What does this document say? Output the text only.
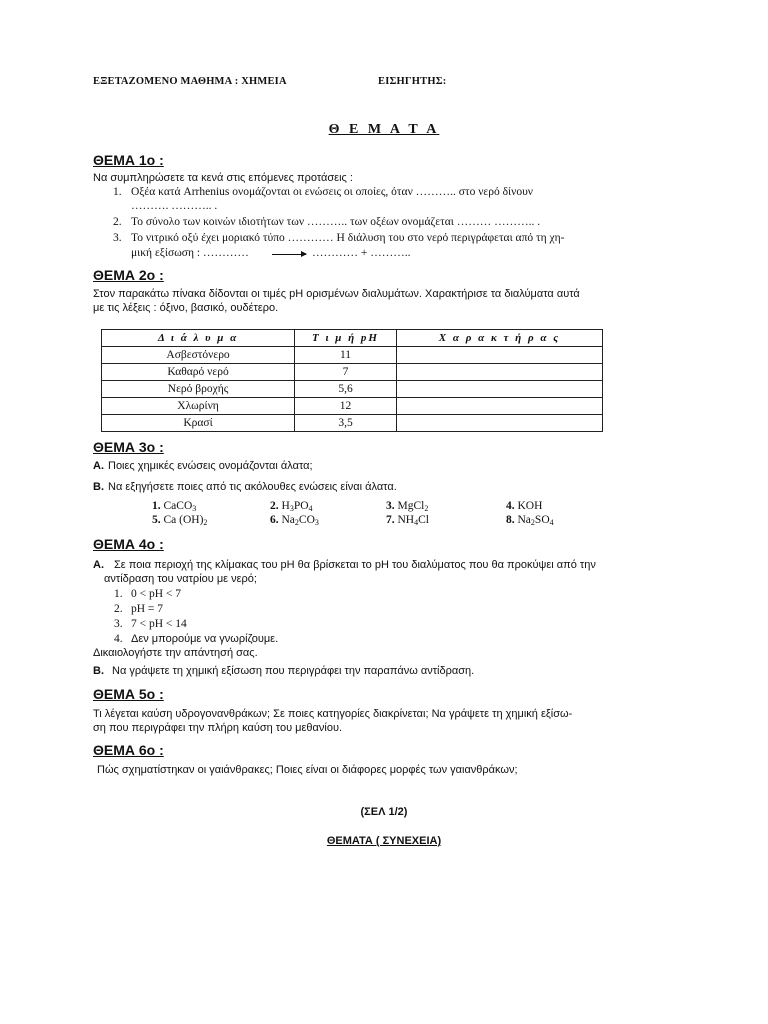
ΕΞΕΤΑΖΟΜΕΝΟ ΜΑΘΗΜΑ : ΧΗΜΕΙΑ	ΕΙΣΗΓΗΤΗΣ:
Θ Ε Μ Α Τ Α
ΘΕΜΑ 1ο :
Να συμπληρώσετε τα κενά στις επόμενες προτάσεις :
1. Οξέα κατά Arrhenius ονομάζονται οι ενώσεις οι οποίες, όταν ……….. στο νερό δίνουν
………. ……….. .
2. Το σύνολο των κοινών ιδιοτήτων των ……….. των οξέων ονομάζεται ……… ……….. .
3. Το νιτρικό οξύ έχει μοριακό τύπο ………… Η διάλυση του στο νερό περιγράφεται από τη χη-
μική εξίσωση : ………… → ………… + ………..
ΘΕΜΑ 2ο :
Στον παρακάτω πίνακα δίδονται οι τιμές pH ορισμένων διαλυμάτων. Χαρακτήρισε τα διαλύματα αυτά
με τις λέξεις : όξινο, βασικό, ουδέτερο.
Δ ι ά λ υ μ α	Τ ι μ ή pH	Χ α ρ α κ τ ή ρ α ς
Ασβεστόνερο	11	
Καθαρό νερό	7	
Νερό βροχής	5,6	
Χλωρίνη	12	
Κρασί	3,5	
ΘΕΜΑ 3ο :
Α. Ποιες χημικές ενώσεις ονομάζονται άλατα;
Β. Να εξηγήσετε ποιες από τις ακόλουθες ενώσεις είναι άλατα.
1. CaCO$_3$	2. $H_3PO_4$	3. MgCl$_2$	4. KOH
5. Ca $(OH)_2$	6. $Na_2CO_3$	7. $NH_4Cl$	8. $Na_2SO_4$
ΘΕΜΑ 4ο :
Α. Σε ποια περιοχή της κλίμακας του pH θα βρίσκεται το pH του διαλύματος που θα προκύψει από την
αντίδραση του νατρίου με νερό;
1. 0 < pH < 7
2. pH = 7
3. 7 < pH < 14
4. Δεν μπορούμε να γνωρίζουμε.
Δικαιολογήστε την απάντησή σας.
Β. Να γράψετε τη χημική εξίσωση που περιγράφει την παραπάνω αντίδραση.
ΘΕΜΑ 5ο :
Τι λέγεται καύση υδρογονανθράκων; Σε ποιες κατηγορίες διακρίνεται; Να γράψετε τη χημική εξίσω-
ση που περιγράφει την πλήρη καύση του μεθανίου.
ΘΕΜΑ 6ο :
Πώς σχηματίστηκαν οι γαιάνθρακες; Ποιες είναι οι διάφορες μορφές των γαιανθράκων;
(ΣΕΛ 1/2)
ΘΕΜΑΤΑ ( ΣΥΝΕΧΕΙΑ)
